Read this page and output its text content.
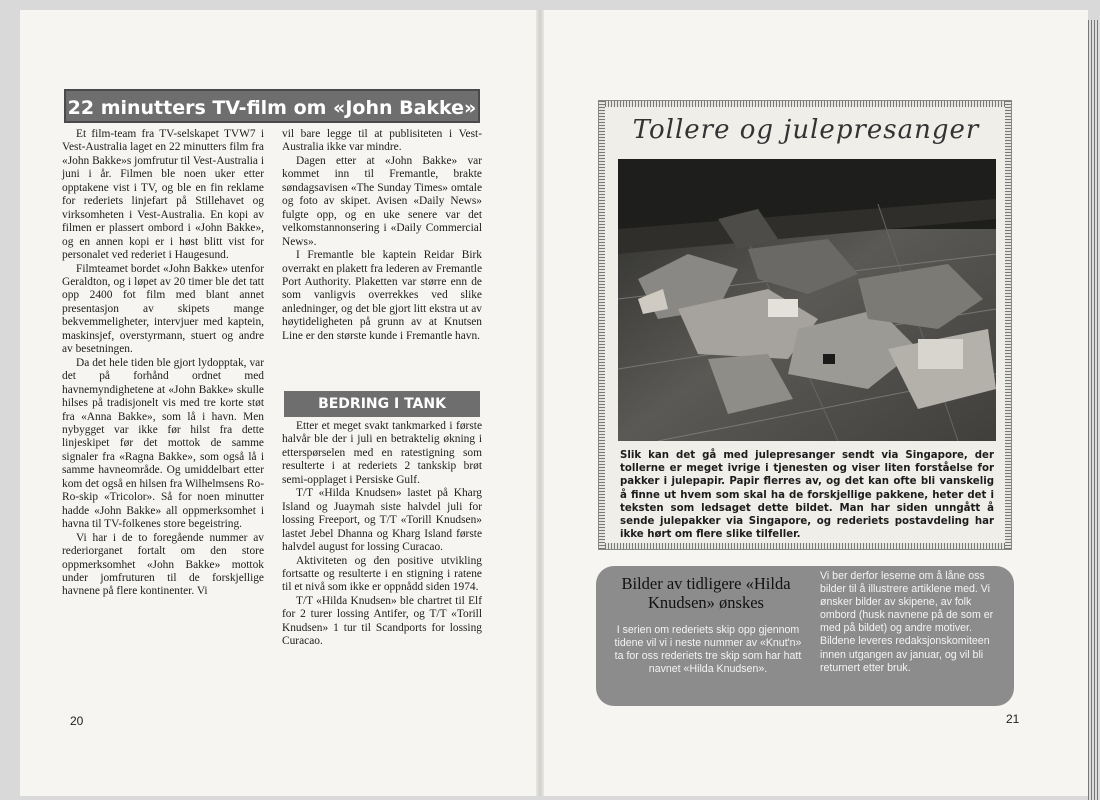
22 minutters TV-film om «John Bakke»

Et film-team fra TV-selskapet TVW7 i Vest-Australia laget en 22 minutters film fra «John Bakke»s jomfrutur til Vest-Australia i juni i år. Filmen ble noen uker etter opptakene vist i TV, og ble en fin reklame for rederiets linjefart på Stillehavet og virksomheten i Vest-Australia. En kopi av filmen er plassert ombord i «John Bakke», og en annen kopi er i høst blitt vist for personalet ved rederiet i Haugesund.

Filmteamet bordet «John Bakke» utenfor Geraldton, og i løpet av 20 timer ble det tatt opp 2400 fot film med blant annet presentasjon av skipets mange bekvemmeligheter, intervjuer med kaptein, maskinsjef, overstyrmann, stuert og andre av besetningen.

Da det hele tiden ble gjort lydopptak, var det på forhånd ordnet med havnemyndighetene at «John Bakke» skulle hilses på tradisjonelt vis med tre korte støt fra «Anna Bakke», som lå i havn. Men nybygget var ikke før hilst fra dette linjeskipet før det mottok de samme signaler fra «Ragna Bakke», som også lå i samme havneområde. Og umiddelbart etter kom det også en hilsen fra Wilhelmsens Ro-Ro-skip «Tricolor». Så for noen minutter hadde «John Bakke» all oppmerksomhet i havna til TV-folkenes store begeistring.

Vi har i de to foregående nummer av rederiorganet fortalt om den store oppmerksomhet «John Bakke» mottok under jomfruturen til de forskjellige havnene på flere kontinenter. Vi

vil bare legge til at publisiteten i Vest-Australia ikke var mindre.

Dagen etter at «John Bakke» var kommet inn til Fremantle, brakte søndagsavisen «The Sunday Times» omtale og foto av skipet. Avisen «Daily News» fulgte opp, og en uke senere var det velkomstannonsering i «Daily Commercial News».

I Fremantle ble kaptein Reidar Birk overrakt en plakett fra lederen av Fremantle Port Authority. Plaketten var større enn de som vanligvis overrekkes ved slike anledninger, og det ble gjort litt ekstra ut av høytideligheten på grunn av at Knutsen Line er den største kunde i Fremantle havn.

BEDRING I TANK

Etter et meget svakt tankmarked i første halvår ble der i juli en betraktelig økning i etterspørselen med en ratestigning som resulterte i at rederiets 2 tankskip brøt semi-opplaget i Persiske Gulf.

T/T «Hilda Knudsen» lastet på Kharg Island og Juaymah siste halvdel juli for lossing Freeport, og T/T «Torill Knudsen» lastet Jebel Dhanna og Kharg Island første halvdel august for lossing Curacao.

Aktiviteten og den positive utvikling fortsatte og resulterte i en stigning i ratene til et nivå som ikke er oppnådd siden 1974.

T/T «Hilda Knudsen» ble chartret til Elf for 2 turer lossing Antifer, og T/T «Torill Knudsen» 1 tur til Scandports for lossing Curacao.

20
Tollere og julepresanger
Slik kan det gå med julepresanger sendt via Singapore, der tollerne er meget ivrige i tjenesten og viser liten forståelse for pakker i julepapir. Papir flerres av, og det kan ofte bli vanskelig å finne ut hvem som skal ha de forskjellige pakkene, heter det i teksten som ledsaget dette bildet. Man har siden unngått å sende julepakker via Singapore, og rederiets postavdeling har ikke hørt om flere slike tilfeller.
Bilder av tidligere «Hilda Knudsen» ønskes
I serien om rederiets skip opp gjennom tidene vil vi i neste nummer av «Knut'n» ta for oss rederiets tre skip som har hatt navnet «Hilda Knudsen».
Vi ber derfor leserne om å låne oss bilder til å illustrere artiklene med. Vi ønsker bilder av skipene, av folk ombord (husk navnene på de som er med på bildet) og andre motiver. Bildene leveres redaksjonskomiteen innen utgangen av januar, og vil bli returnert etter bruk.
21
